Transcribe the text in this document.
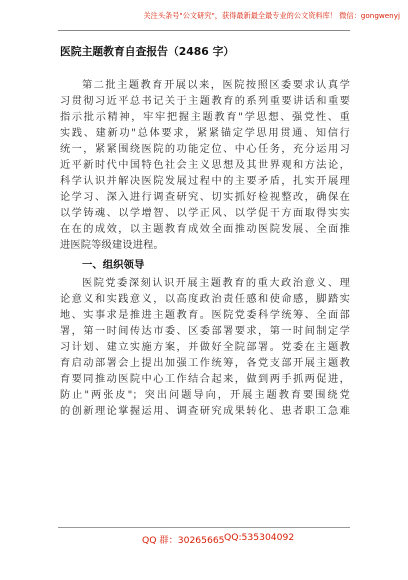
关注头条号"公文研究"，获得最新最全最专业的公文资料库！ 微信：gongwenyj
医院主题教育自查报告（2486 字）
第二批主题教育开展以来，医院按照区委要求认真学
习贯彻习近平总书记关于主题教育的系列重要讲话和重要
指示批示精神，牢牢把握主题教育"学思想、强党性、重
实践、建新功"总体要求，紧紧锚定学思用贯通、知信行
统一，紧紧围绕医院的功能定位、中心任务，充分运用习
近平新时代中国特色社会主义思想及其世界观和方法论，
科学认识并解决医院发展过程中的主要矛盾，扎实开展理
论学习、深入进行调查研究、切实抓好检视整改，确保在
以学铸魂、以学增智、以学正风、以学促干方面取得实实
在在的成效，以主题教育成效全面推动医院发展、全面推
进医院等级建设进程。
一、组织领导
医院党委深刻认识开展主题教育的重大政治意义、理
论意义和实践意义，以高度政治责任感和使命感，脚踏实
地、实事求是推进主题教育。医院党委科学统筹、全面部
署，第一时间传达市委、区委部署要求，第一时间制定学
习计划、建立实施方案，并做好全院部署。党委在主题教
育启动部署会上提出加强工作统筹，各党支部开展主题教
育要同推动医院中心工作结合起来，做到两手抓两促进，
防止"两张皮"；突出问题导向，开展主题教育要围绕党
的创新理论掌握运用、调查研究成果转化、患者职工急难
QQ 群：30265665 QQ:535304092
